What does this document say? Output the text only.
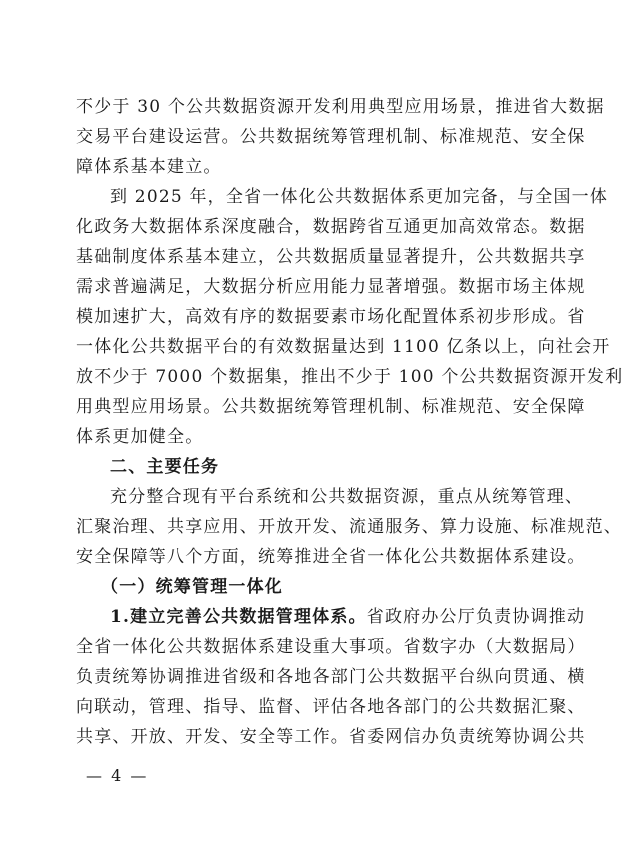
不少于 30 个公共数据资源开发利用典型应用场景，推进省大数据
交易平台建设运营。公共数据统筹管理机制、标准规范、安全保
障体系基本建立。
到 2025 年，全省一体化公共数据体系更加完备，与全国一体
化政务大数据体系深度融合，数据跨省互通更加高效常态。数据
基础制度体系基本建立，公共数据质量显著提升，公共数据共享
需求普遍满足，大数据分析应用能力显著增强。数据市场主体规
模加速扩大，高效有序的数据要素市场化配置体系初步形成。省
一体化公共数据平台的有效数据量达到 1100 亿条以上，向社会开
放不少于 7000 个数据集，推出不少于 100 个公共数据资源开发利
用典型应用场景。公共数据统筹管理机制、标准规范、安全保障
体系更加健全。
二、主要任务
充分整合现有平台系统和公共数据资源，重点从统筹管理、
汇聚治理、共享应用、开放开发、流通服务、算力设施、标准规范、
安全保障等八个方面，统筹推进全省一体化公共数据体系建设。
（一）统筹管理一体化
1.建立完善公共数据管理体系。省政府办公厅负责协调推动
全省一体化公共数据体系建设重大事项。省数字办（大数据局）
负责统筹协调推进省级和各地各部门公共数据平台纵向贯通、横
向联动，管理、指导、监督、评估各地各部门的公共数据汇聚、
共享、开放、开发、安全等工作。省委网信办负责统筹协调公共
— 4 —
